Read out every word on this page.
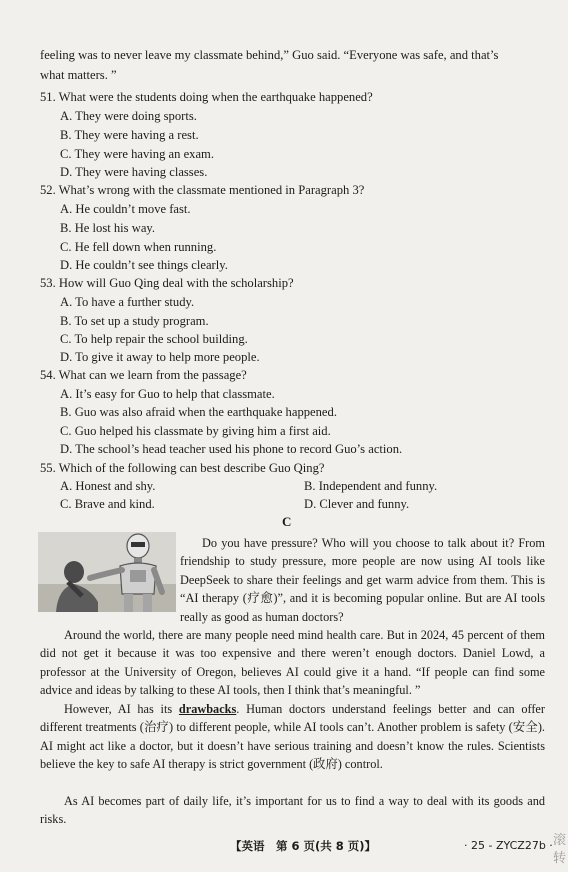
feeling was to never leave my classmate behind,” Guo said. “Everyone was safe, and that’s
what matters. ”
51. What were the students doing when the earthquake happened?
A. They were doing sports.
B. They were having a rest.
C. They were having an exam.
D. They were having classes.
52. What’s wrong with the classmate mentioned in Paragraph 3?
A. He couldn’t move fast.
B. He lost his way.
C. He fell down when running.
D. He couldn’t see things clearly.
53. How will Guo Qing deal with the scholarship?
A. To have a further study.
B. To set up a study program.
C. To help repair the school building.
D. To give it away to help more people.
54. What can we learn from the passage?
A. It’s easy for Guo to help that classmate.
B. Guo was also afraid when the earthquake happened.
C. Guo helped his classmate by giving him a first aid.
D. The school’s head teacher used his phone to record Guo’s action.
55. Which of the following can best describe Guo Qing?
A. Honest and shy.	B. Independent and funny.
C. Brave and kind.	D. Clever and funny.
C
Do you have pressure? Who will you choose to talk about it? From friendship to study pressure, more people are now using AI tools like DeepSeek to share their feelings and get warm advice from them. This is “AI therapy (疗愈)”, and it is becoming popular online. But are AI tools really as good as human doctors?
Around the world, there are many people need mind health care. But in 2024, 45 percent of them did not get it because it was too expensive and there weren’t enough doctors. Daniel Lowd, a professor at the University of Oregon, believes AI could give it a hand. “If people can find some advice and ideas by talking to these AI tools, then I think that’s meaningful. ”
However, AI has its drawbacks. Human doctors understand feelings better and can offer different treatments (治疗) to different people, while AI tools can’t. Another problem is safety (安全). AI might act like a doctor, but it doesn’t have serious training and doesn’t know the rules. Scientists believe the key to safe AI therapy is strict government (政府) control.
As AI becomes part of daily life, it’s important for us to find a way to deal with its goods and risks.
【英语　第 6 页(共 8 页)】	· 25 - ZYCZ27b · 滚
转
